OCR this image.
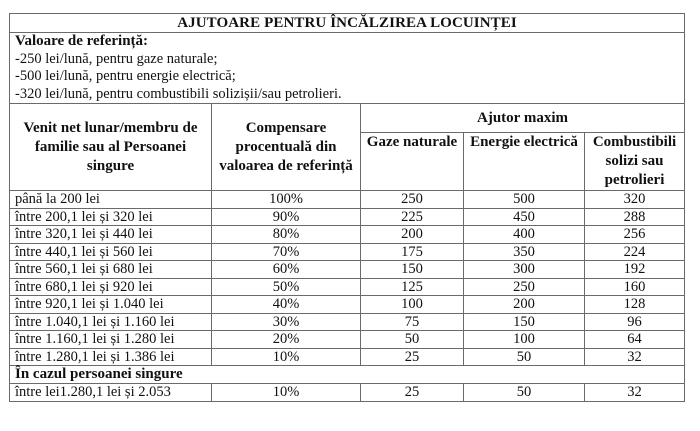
AJUTOARE PENTRU ÎNCĂLZIREA LOCUINȚEI				

Valoare de referință:
-250 lei/lună, pentru gaze naturale;
-500 lei/lună, pentru energie electrică;
-320 lei/lună, pentru combustibili solizișii/sau petrolieri.				

Venit net lunar/membru de familie sau al Persoanei singure	Compensare procentuală din valoarea de referință	Ajutor maxim		
		Gaze naturale	Energie electrică	Combustibili solizi sau petrolieri
până la 200 lei	100%	250	500	320
între 200,1 lei și 320 lei	90%	225	450	288
între 320,1 lei și 440 lei	80%	200	400	256
între 440,1 lei și 560 lei	70%	175	350	224
între 560,1 lei și 680 lei	60%	150	300	192
între 680,1 lei și 920 lei	50%	125	250	160
între 920,1 lei și 1.040 lei	40%	100	200	128
între 1.040,1 lei și 1.160 lei	30%	75	150	96
între 1.160,1 lei și 1.280 lei	20%	50	100	64
între 1.280,1 lei și 1.386 lei	10%	25	50	32
În cazul persoanei singure				
între lei1.280,1 lei și 2.053	10%	25	50	32
